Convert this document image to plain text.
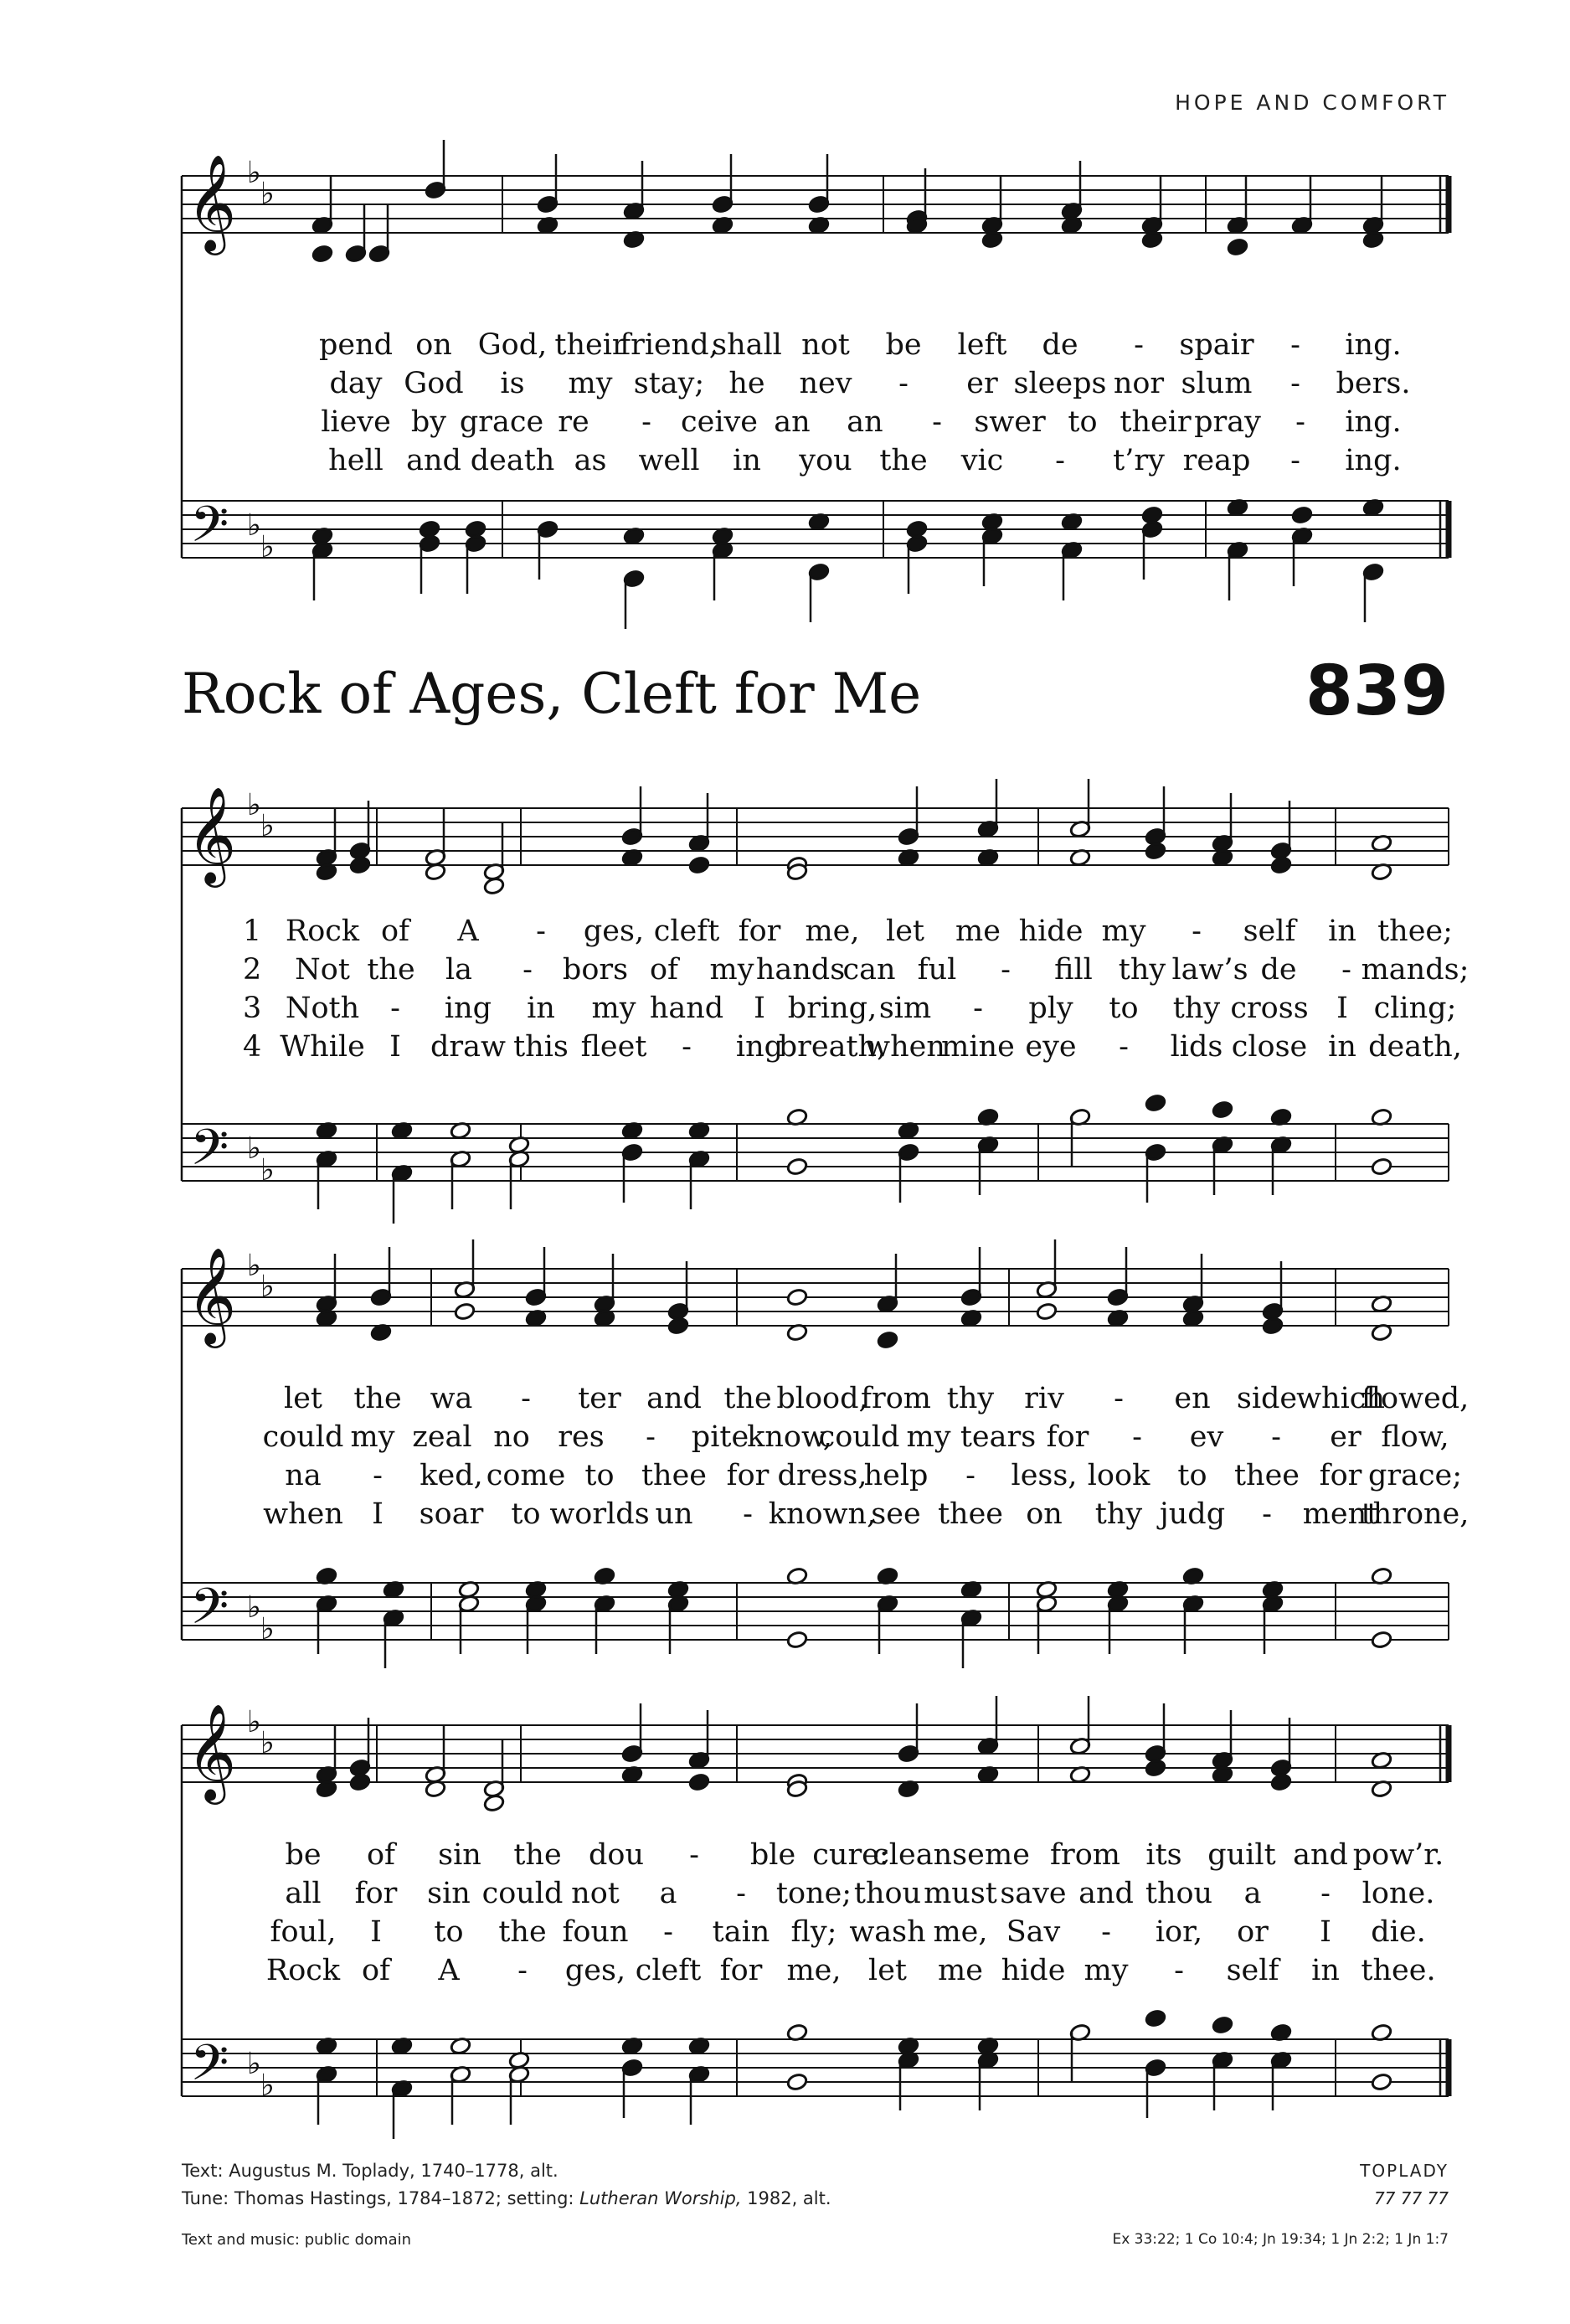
HOPE AND COMFORT
𝄞
𝄢
♭
♭
♭
♭
𝄞
𝄢
♭
♭
♭
♭
𝄞
𝄢
♭
♭
♭
♭
𝄞
𝄢
♭
♭
♭
♭
Rock of Ages, Cleft for Me	839
pend on God, their
friend,
shall not be left de - spair - ing.
day God is my stay; he nev - er sleeps nor slum - bers.
lieve by grace re - ceive an an - swer to their pray - ing.
hell and death as well in you the vic - t’ry reap - ing.
1 Rock of A - ges, cleft for me, let me hide my - self in thee;
2 Not the la - bors of my hands
can ful - fill thy law’s de - mands;
3 Noth - ing in my hand I bring, sim - ply to thy cross I cling;
4 While I draw this fleet - ing
breath,
when
mine eye - lids close in death,
let the wa - ter and the blood,
from thy riv - en side
which
flowed,
could my zeal no res - pite
know,
could my tears for - ev - er flow,
na - ked, come to thee for dress,
help - less, look to thee for grace;
when I soar to worlds un - known,
see thee on thy judg - ment
throne,
be of sin the dou - ble cure:
cleanse me from its guilt and pow’r.
all for sin could not a - tone; thou must save and thou a - lone.
foul, I to the foun - tain fly; wash me, Sav - ior, or I die.
Rock of A - ges, cleft for me, let me hide my - self in thee.
Text: Augustus M. Toplady, 1740–1778, alt.
Tune: Thomas Hastings, 1784–1872; setting: Lutheran Worship, 1982, alt.
Text and music: public domain
TOPLADY
77 77 77
Ex 33:22; 1 Co 10:4; Jn 19:34; 1 Jn 2:2; 1 Jn 1:7
